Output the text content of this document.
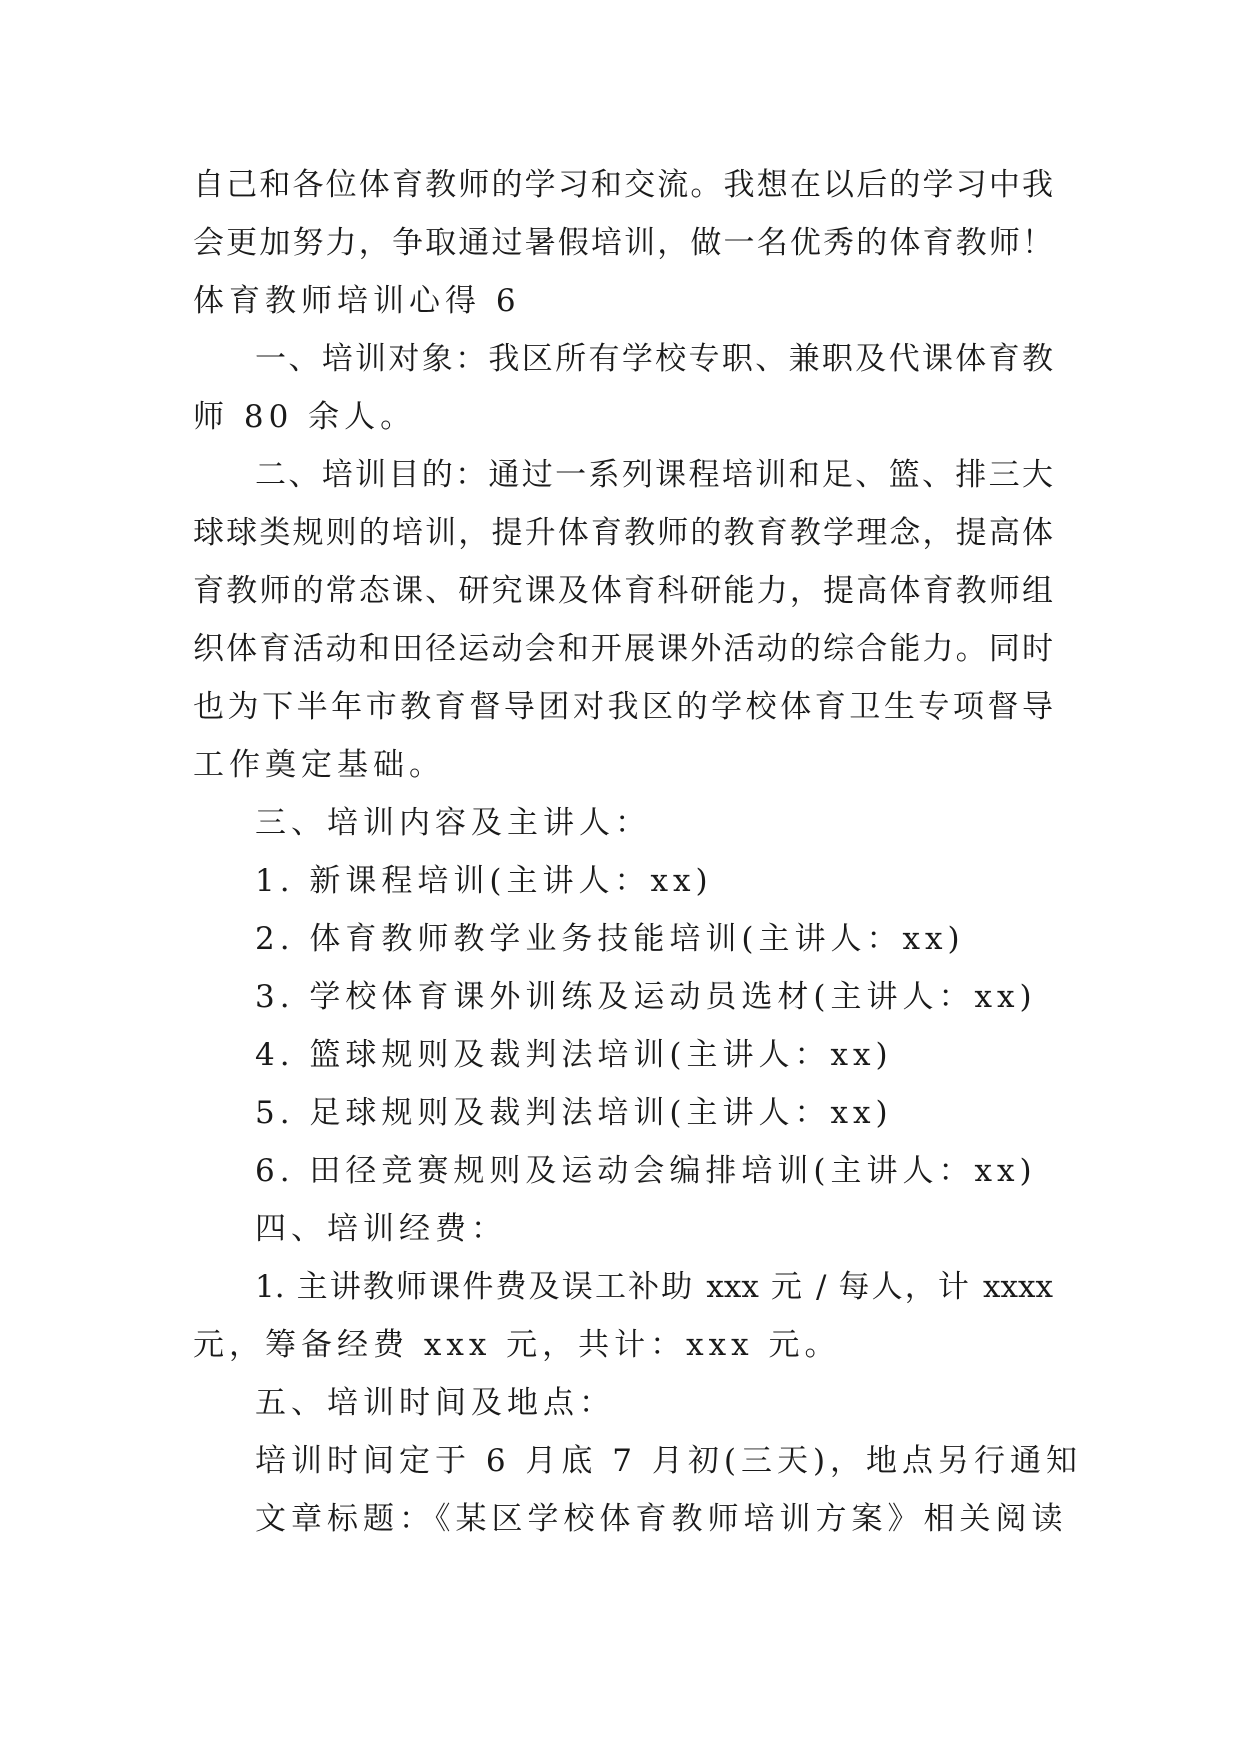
自己和各位体育教师的学习和交流。我想在以后的学习中我
会更加努力，争取通过暑假培训，做一名优秀的体育教师！
体育教师培训心得 6
一、培训对象：我区所有学校专职、兼职及代课体育教
师 80 余人。
二、培训目的：通过一系列课程培训和足、篮、排三大
球球类规则的培训，提升体育教师的教育教学理念，提高体
育教师的常态课、研究课及体育科研能力，提高体育教师组
织体育活动和田径运动会和开展课外活动的综合能力。同时
也为下半年市教育督导团对我区的学校体育卫生专项督导
工作奠定基础。
三、培训内容及主讲人：
1. 新课程培训(主讲人：xx)
2. 体育教师教学业务技能培训(主讲人：xx)
3. 学校体育课外训练及运动员选材(主讲人：xx)
4. 篮球规则及裁判法培训(主讲人：xx)
5. 足球规则及裁判法培训(主讲人：xx)
6. 田径竞赛规则及运动会编排培训(主讲人：xx)
四、培训经费：
1. 主讲教师课件费及误工补助 xxx 元 / 每人，计 xxxx
元，筹备经费 xxx 元，共计：xxx 元。
五、培训时间及地点：
培训时间定于 6 月底 7 月初(三天)，地点另行通知
文章标题：《某区学校体育教师培训方案》相关阅读
